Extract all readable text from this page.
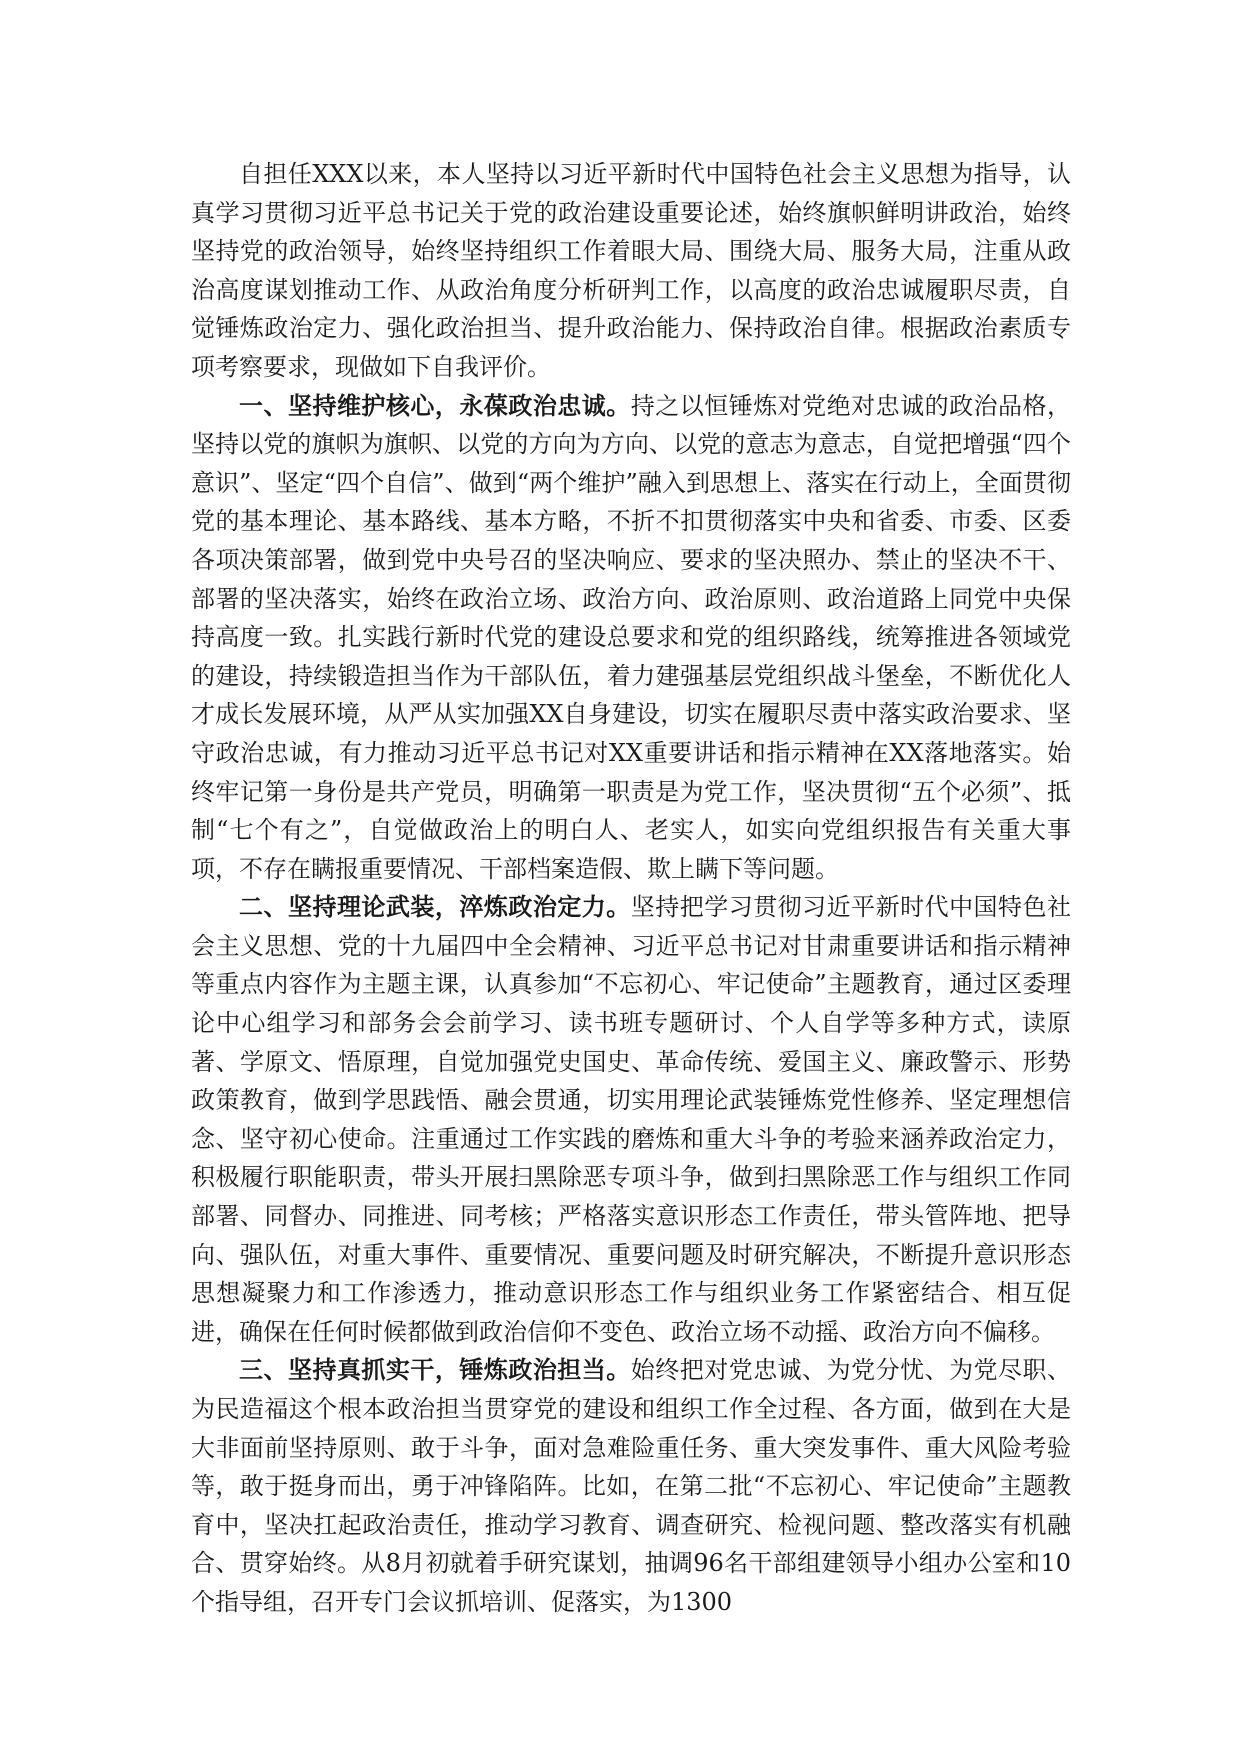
自担任XXX以来，本人坚持以习近平新时代中国特色社会主义思想为指导，认真学习贯彻习近平总书记关于党的政治建设重要论述，始终旗帜鲜明讲政治，始终坚持党的政治领导，始终坚持组织工作着眼大局、围绕大局、服务大局，注重从政治高度谋划推动工作、从政治角度分析研判工作，以高度的政治忠诚履职尽责，自觉锤炼政治定力、强化政治担当、提升政治能力、保持政治自律。根据政治素质专项考察要求，现做如下自我评价。

一、坚持维护核心，永葆政治忠诚。持之以恒锤炼对党绝对忠诚的政治品格，坚持以党的旗帜为旗帜、以党的方向为方向、以党的意志为意志，自觉把增强“四个意识”、坚定“四个自信”、做到“两个维护”融入到思想上、落实在行动上，全面贯彻党的基本理论、基本路线、基本方略，不折不扣贯彻落实中央和省委、市委、区委各项决策部署，做到党中央号召的坚决响应、要求的坚决照办、禁止的坚决不干、部署的坚决落实，始终在政治立场、政治方向、政治原则、政治道路上同党中央保持高度一致。扎实践行新时代党的建设总要求和党的组织路线，统筹推进各领域党的建设，持续锻造担当作为干部队伍，着力建强基层党组织战斗堡垒，不断优化人才成长发展环境，从严从实加强XX自身建设，切实在履职尽责中落实政治要求、坚守政治忠诚，有力推动习近平总书记对XX重要讲话和指示精神在XX落地落实。始终牢记第一身份是共产党员，明确第一职责是为党工作，坚决贯彻“五个必须”、抵制“七个有之”，自觉做政治上的明白人、老实人，如实向党组织报告有关重大事项，不存在瞒报重要情况、干部档案造假、欺上瞒下等问题。

二、坚持理论武装，淬炼政治定力。坚持把学习贯彻习近平新时代中国特色社会主义思想、党的十九届四中全会精神、习近平总书记对甘肃重要讲话和指示精神等重点内容作为主题主课，认真参加“不忘初心、牢记使命”主题教育，通过区委理论中心组学习和部务会会前学习、读书班专题研讨、个人自学等多种方式，读原著、学原文、悟原理，自觉加强党史国史、革命传统、爱国主义、廉政警示、形势政策教育，做到学思践悟、融会贯通，切实用理论武装锤炼党性修养、坚定理想信念、坚守初心使命。注重通过工作实践的磨炼和重大斗争的考验来涵养政治定力，积极履行职能职责，带头开展扫黑除恶专项斗争，做到扫黑除恶工作与组织工作同部署、同督办、同推进、同考核；严格落实意识形态工作责任，带头管阵地、把导向、强队伍，对重大事件、重要情况、重要问题及时研究解决，不断提升意识形态思想凝聚力和工作渗透力，推动意识形态工作与组织业务工作紧密结合、相互促进，确保在任何时候都做到政治信仰不变色、政治立场不动摇、政治方向不偏移。

三、坚持真抓实干，锤炼政治担当。始终把对党忠诚、为党分忧、为党尽职、为民造福这个根本政治担当贯穿党的建设和组织工作全过程、各方面，做到在大是大非面前坚持原则、敢于斗争，面对急难险重任务、重大突发事件、重大风险考验等，敢于挺身而出，勇于冲锋陷阵。比如，在第二批“不忘初心、牢记使命”主题教育中，坚决扛起政治责任，推动学习教育、调查研究、检视问题、整改落实有机融合、贯穿始终。从8月初就着手研究谋划，抽调96名干部组建领导小组办公室和10个指导组，召开专门会议抓培训、促落实，为1300
